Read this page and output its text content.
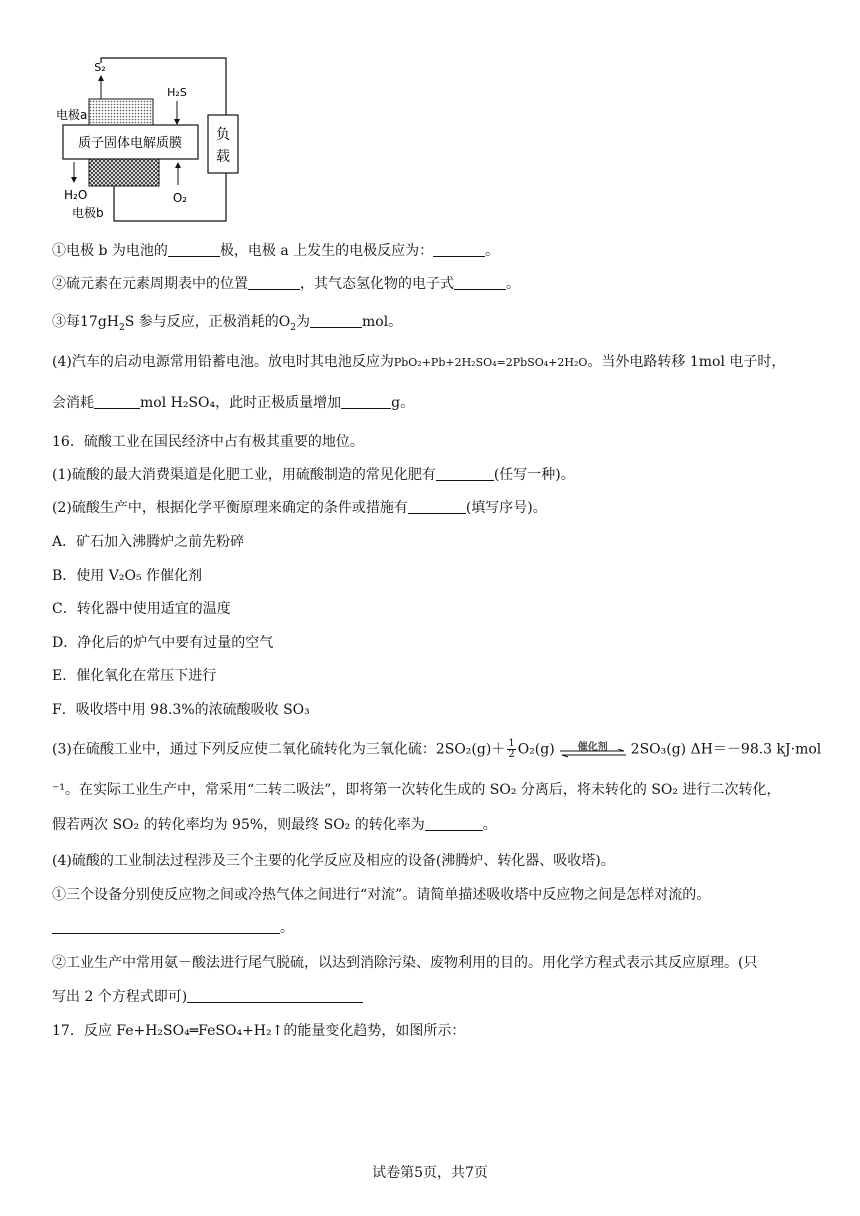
负
载
S₂
电极a
H₂S
质子固体电解质膜
H₂O
电极b
O₂
①电极 b 为电池的	极，电极 a 上发生的电极反应为：	。
②硫元素在元素周期表中的位置	，其气态氢化物的电子式	。
③每$17gH_2S$ 参与反应，正极消耗的$O_2$为	mol。
(4)汽车的启动电源常用铅蓄电池。放电时其电池反应为PbO₂+Pb+2H₂SO₄=2PbSO₄+2H₂O。当外电路转移 1mol 电子时，
会消耗	mol H₂SO₄，此时正极质量增加	g。
16．硫酸工业在国民经济中占有极其重要的地位。
(1)硫酸的最大消费渠道是化肥工业，用硫酸制造的常见化肥有	(任写一种)。
(2)硫酸生产中，根据化学平衡原理来确定的条件或措施有	(填写序号)。
A．矿石加入沸腾炉之前先粉碎
B．使用 V₂O₅ 作催化剂
C．转化器中使用适宜的温度
D．净化后的炉气中要有过量的空气
E．催化氧化在常压下进行
F．吸收塔中用 98.3%的浓硫酸吸收 SO₃
(3)在硫酸工业中，通过下列反应使二氧化硫转化为三氧化硫：$2SO_2(g)+ \frac{1}{2} O_2(g)$	催化剂	2SO₃(g) ΔH＝－98.3 kJ·mol
⁻¹。在实际工业生产中，常采用“二转二吸法”，即将第一次转化生成的 SO₂ 分离后，将未转化的 SO₂ 进行二次转化，
假若两次 SO₂ 的转化率均为 95%，则最终 SO₂ 的转化率为	。
(4)硫酸的工业制法过程涉及三个主要的化学反应及相应的设备(沸腾炉、转化器、吸收塔)。
①三个设备分别使反应物之间或冷热气体之间进行“对流”。请简单描述吸收塔中反应物之间是怎样对流的。
。
②工业生产中常用氨－酸法进行尾气脱硫，以达到消除污染、废物利用的目的。用化学方程式表示其反应原理。(只
写出 2 个方程式即可)
17．反应 Fe+H₂SO₄═FeSO₄+H₂↑的能量变化趋势，如图所示：
试卷第5页，共7页
